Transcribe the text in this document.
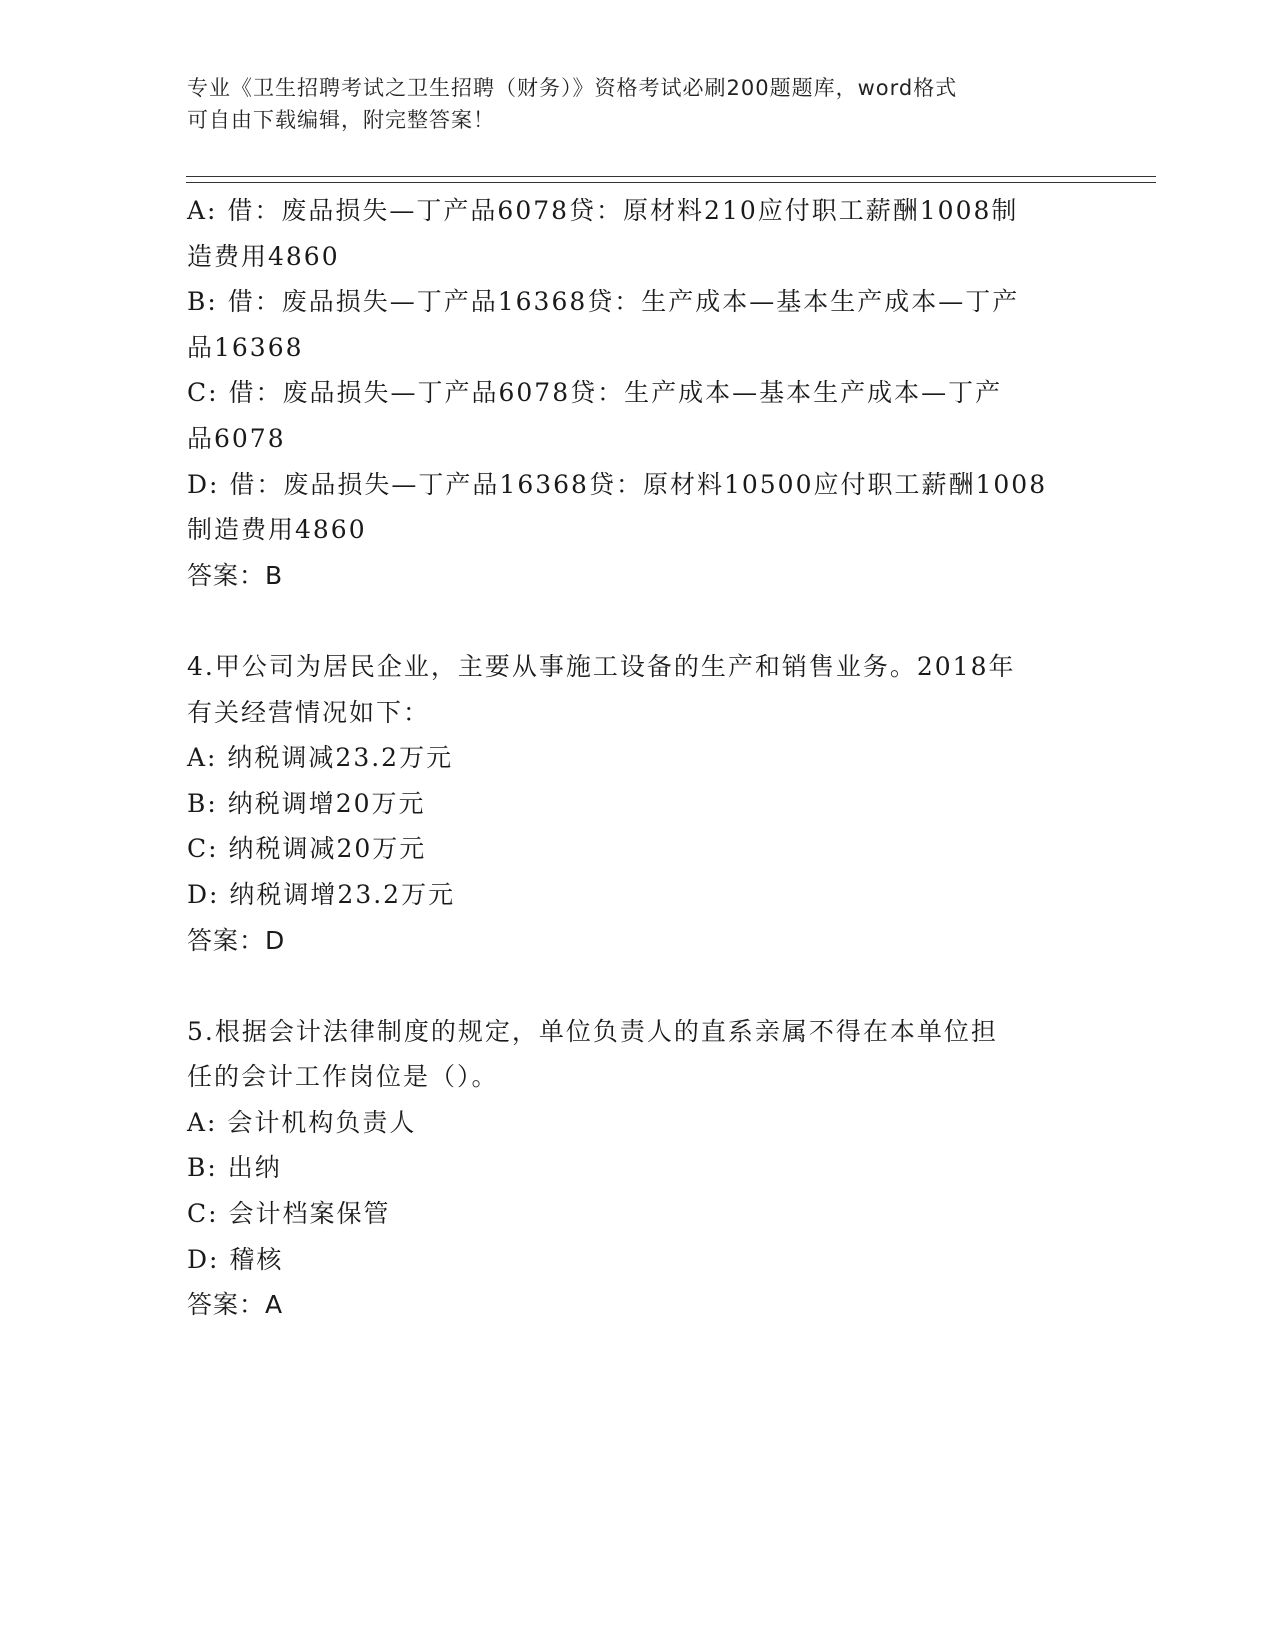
专业《卫生招聘考试之卫生招聘（财务）》资格考试必刷200题题库，word格式
可自由下载编辑，附完整答案！
A: 借：废品损失—丁产品6078贷：原材料210应付职工薪酬1008制
造费用4860
B: 借：废品损失—丁产品16368贷：生产成本—基本生产成本—丁产
品16368
C: 借：废品损失—丁产品6078贷：生产成本—基本生产成本—丁产
品6078
D: 借：废品损失—丁产品16368贷：原材料10500应付职工薪酬1008
制造费用4860
答案：B
4.甲公司为居民企业，主要从事施工设备的生产和销售业务。2018年
有关经营情况如下：
A: 纳税调减23.2万元
B: 纳税调增20万元
C: 纳税调减20万元
D: 纳税调增23.2万元
答案：D
5.根据会计法律制度的规定，单位负责人的直系亲属不得在本单位担
任的会计工作岗位是（）。
A: 会计机构负责人
B: 出纳
C: 会计档案保管
D: 稽核
答案：A
